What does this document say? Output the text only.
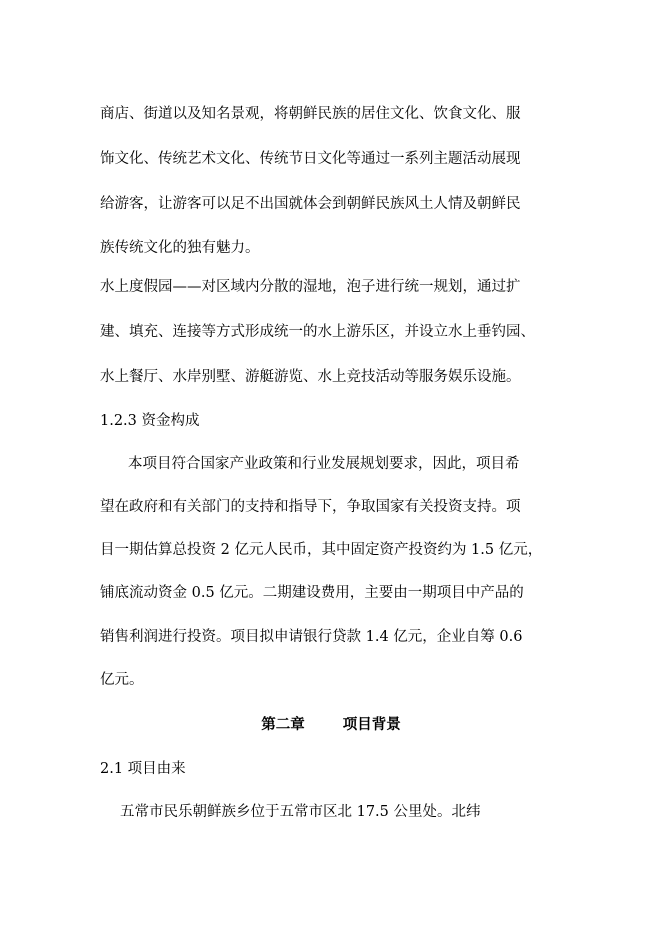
商店、街道以及知名景观，将朝鲜民族的居住文化、饮食文化、服

饰文化、传统艺术文化、传统节日文化等通过一系列主题活动展现

给游客，让游客可以足不出国就体会到朝鲜民族风土人情及朝鲜民

族传统文化的独有魅力。

水上度假园——对区域内分散的湿地，泡子进行统一规划，通过扩

建、填充、连接等方式形成统一的水上游乐区，并设立水上垂钓园、

水上餐厅、水岸别墅、游艇游览、水上竞技活动等服务娱乐设施。

1.2.3 资金构成

本项目符合国家产业政策和行业发展规划要求，因此，项目希

望在政府和有关部门的支持和指导下，争取国家有关投资支持。项

目一期估算总投资 2 亿元人民币，其中固定资产投资约为 1.5 亿元，

铺底流动资金 0.5 亿元。二期建设费用，主要由一期项目中产品的

销售利润进行投资。项目拟申请银行贷款 1.4 亿元，企业自筹 0.6

亿元。

第二章	项目背景

2.1 项目由来

五常市民乐朝鲜族乡位于五常市区北 17.5 公里处。北纬
